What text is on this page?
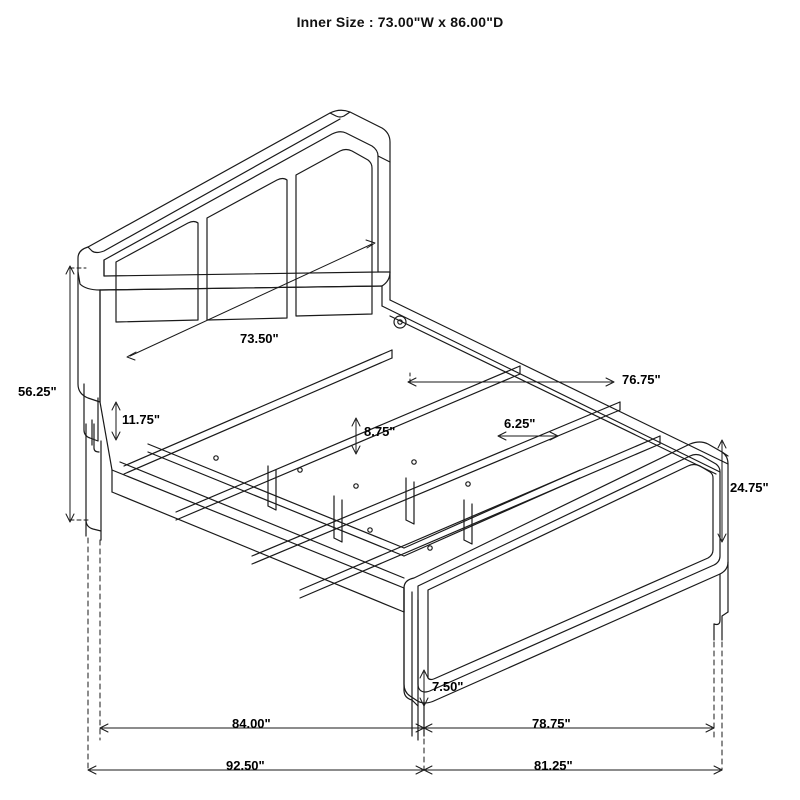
Inner Size : 73.00"W x 86.00"D
56.25"
11.75"
73.50"
76.75"
8.75"
6.25"
24.75"
7.50"
84.00"	78.75"
92.50"	81.25"
